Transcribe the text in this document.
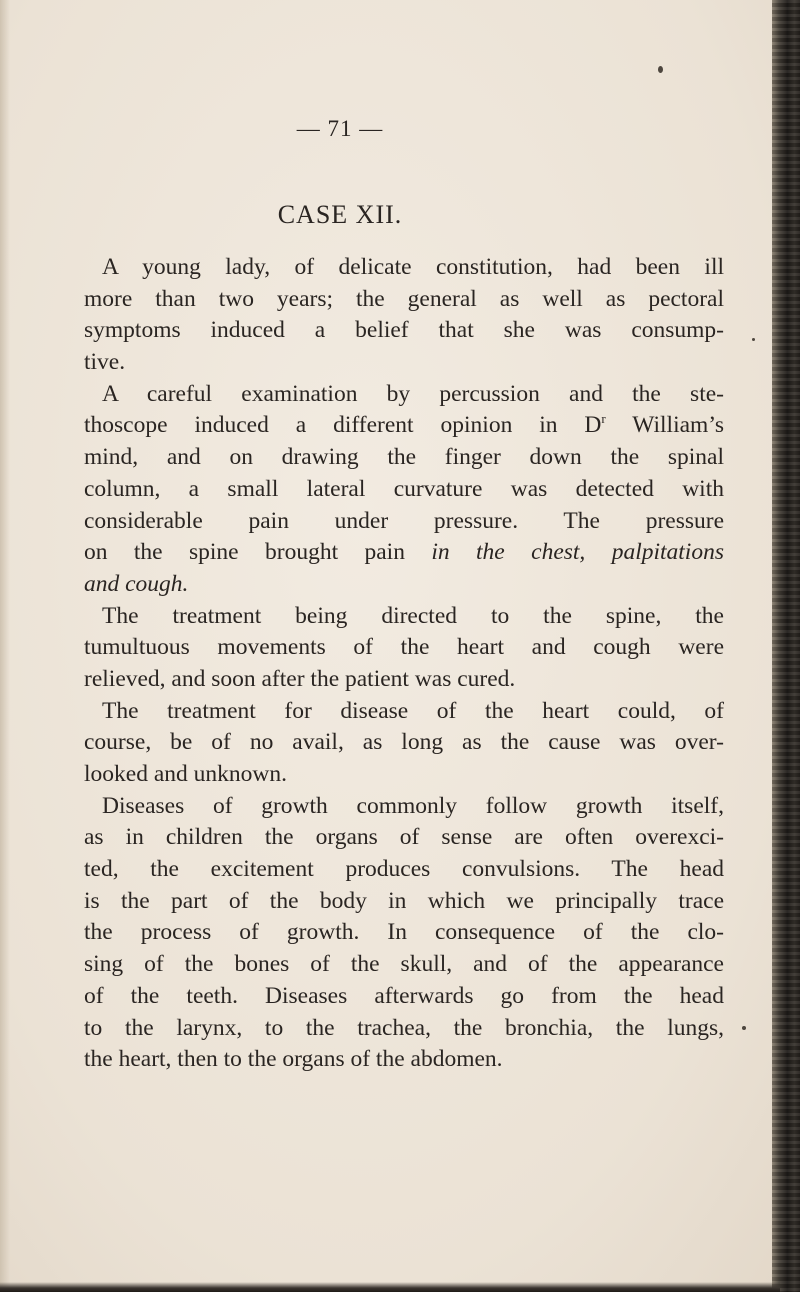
— 71 —
CASE XII.
A young lady, of delicate constitution, had been ill
more than two years; the general as well as pectoral
symptoms induced a belief that she was consump-
tive.
A careful examination by percussion and the ste-
thoscope induced a different opinion in $D^r$ William’s
mind, and on drawing the finger down the spinal
column, a small lateral curvature was detected with
considerable pain under pressure. The pressure
on the spine brought pain in the chest, palpitations
and cough.
The treatment being directed to the spine, the
tumultuous movements of the heart and cough were
relieved, and soon after the patient was cured.
The treatment for disease of the heart could, of
course, be of no avail, as long as the cause was over-
looked and unknown.
Diseases of growth commonly follow growth itself,
as in children the organs of sense are often overexci-
ted, the excitement produces convulsions. The head
is the part of the body in which we principally trace
the process of growth. In consequence of the clo-
sing of the bones of the skull, and of the appearance
of the teeth. Diseases afterwards go from the head
to the larynx, to the trachea, the bronchia, the lungs,
the heart, then to the organs of the abdomen.
